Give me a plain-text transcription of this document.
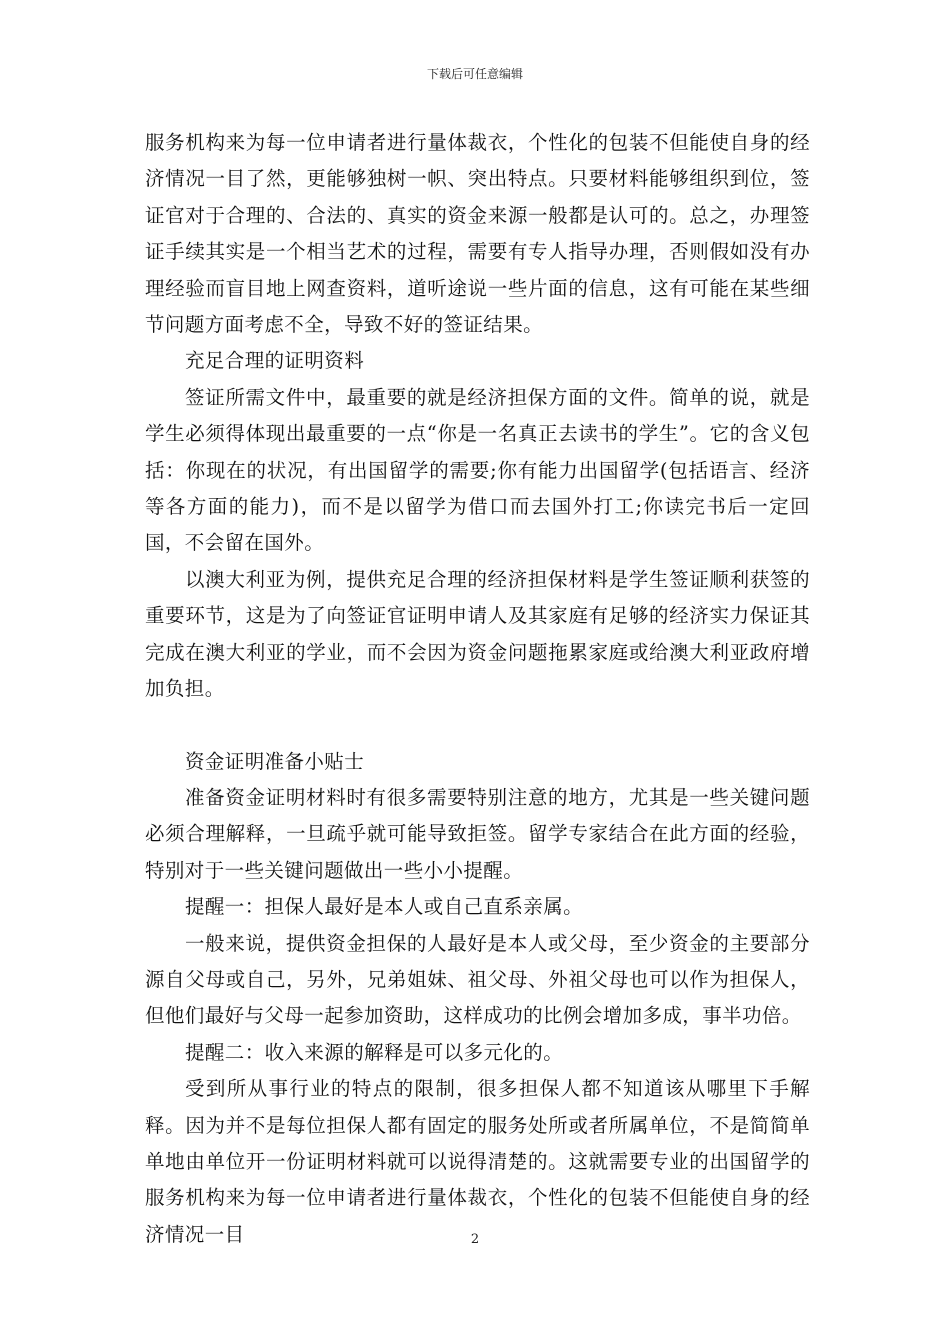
下载后可任意编辑

服务机构来为每一位申请者进行量体裁衣，个性化的包装不但能使自身的经济情况一目了然，更能够独树一帜、突出特点。只要材料能够组织到位，签证官对于合理的、合法的、真实的资金来源一般都是认可的。总之，办理签证手续其实是一个相当艺术的过程，需要有专人指导办理，否则假如没有办理经验而盲目地上网查资料，道听途说一些片面的信息，这有可能在某些细节问题方面考虑不全，导致不好的签证结果。

充足合理的证明资料

签证所需文件中，最重要的就是经济担保方面的文件。简单的说，就是学生必须得体现出最重要的一点“你是一名真正去读书的学生”。它的含义包括：你现在的状况，有出国留学的需要;你有能力出国留学(包括语言、经济等各方面的能力)，而不是以留学为借口而去国外打工;你读完书后一定回国，不会留在国外。

以澳大利亚为例，提供充足合理的经济担保材料是学生签证顺利获签的重要环节，这是为了向签证官证明申请人及其家庭有足够的经济实力保证其完成在澳大利亚的学业，而不会因为资金问题拖累家庭或给澳大利亚政府增加负担。

资金证明准备小贴士

准备资金证明材料时有很多需要特别注意的地方，尤其是一些关键问题必须合理解释，一旦疏乎就可能导致拒签。留学专家结合在此方面的经验，特别对于一些关键问题做出一些小小提醒。

提醒一：担保人最好是本人或自己直系亲属。

一般来说，提供资金担保的人最好是本人或父母，至少资金的主要部分源自父母或自己，另外，兄弟姐妹、祖父母、外祖父母也可以作为担保人，但他们最好与父母一起参加资助，这样成功的比例会增加多成，事半功倍。

提醒二：收入来源的解释是可以多元化的。

受到所从事行业的特点的限制，很多担保人都不知道该从哪里下手解释。因为并不是每位担保人都有固定的服务处所或者所属单位，不是简简单单地由单位开一份证明材料就可以说得清楚的。这就需要专业的出国留学的服务机构来为每一位申请者进行量体裁衣，个性化的包装不但能使自身的经济情况一目	2
